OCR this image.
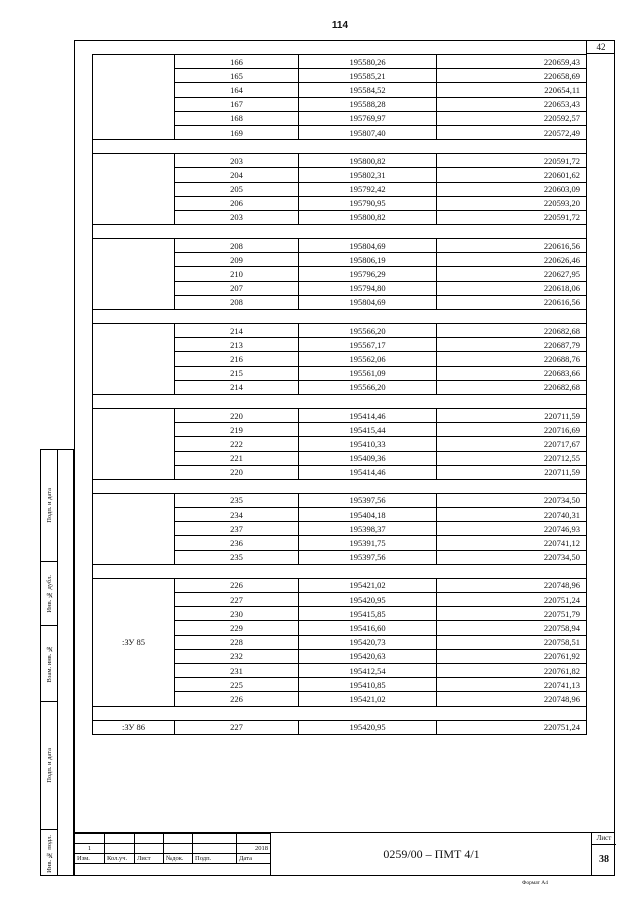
114
42
	166	195580,26	220659,43
	165	195585,21	220658,69
	164	195584,52	220654,11
	167	195588,28	220653,43
	168	195769,97	220592,57
	169	195807,40	220572,49

	203	195800,82	220591,72
	204	195802,31	220601,62
	205	195792,42	220603,09
	206	195790,95	220593,20
	203	195800,82	220591,72

	208	195804,69	220616,56
	209	195806,19	220626,46
	210	195796,29	220627,95
	207	195794,80	220618,06
	208	195804,69	220616,56

	214	195566,20	220682,68
	213	195567,17	220687,79
	216	195562,06	220688,76
	215	195561,09	220683,66
	214	195566,20	220682,68

	220	195414,46	220711,59
	219	195415,44	220716,69
	222	195410,33	220717,67
	221	195409,36	220712,55
	220	195414,46	220711,59

	235	195397,56	220734,50
	234	195404,18	220740,31
	237	195398,37	220746,93
	236	195391,75	220741,12
	235	195397,56	220734,50

:ЗУ 85	226	195421,02	220748,96
	227	195420,95	220751,24
	230	195415,85	220751,79
	229	195416,60	220758,94
	228	195420,73	220758,51
	232	195420,63	220761,92
	231	195412,54	220761,82
	225	195410,85	220741,13
	226	195421,02	220748,96

:ЗУ 86	227	195420,95	220751,24
Инв. № подл.
Подп. и дата
Взам. инв. №
Инв. № дубл.
Подп. и дата

1					2018
Изм.	Кол.уч.	Лист	№док.	Подп.	Дата	0259/00 – ПМТ 4/1
Лист
38
Формат А4
